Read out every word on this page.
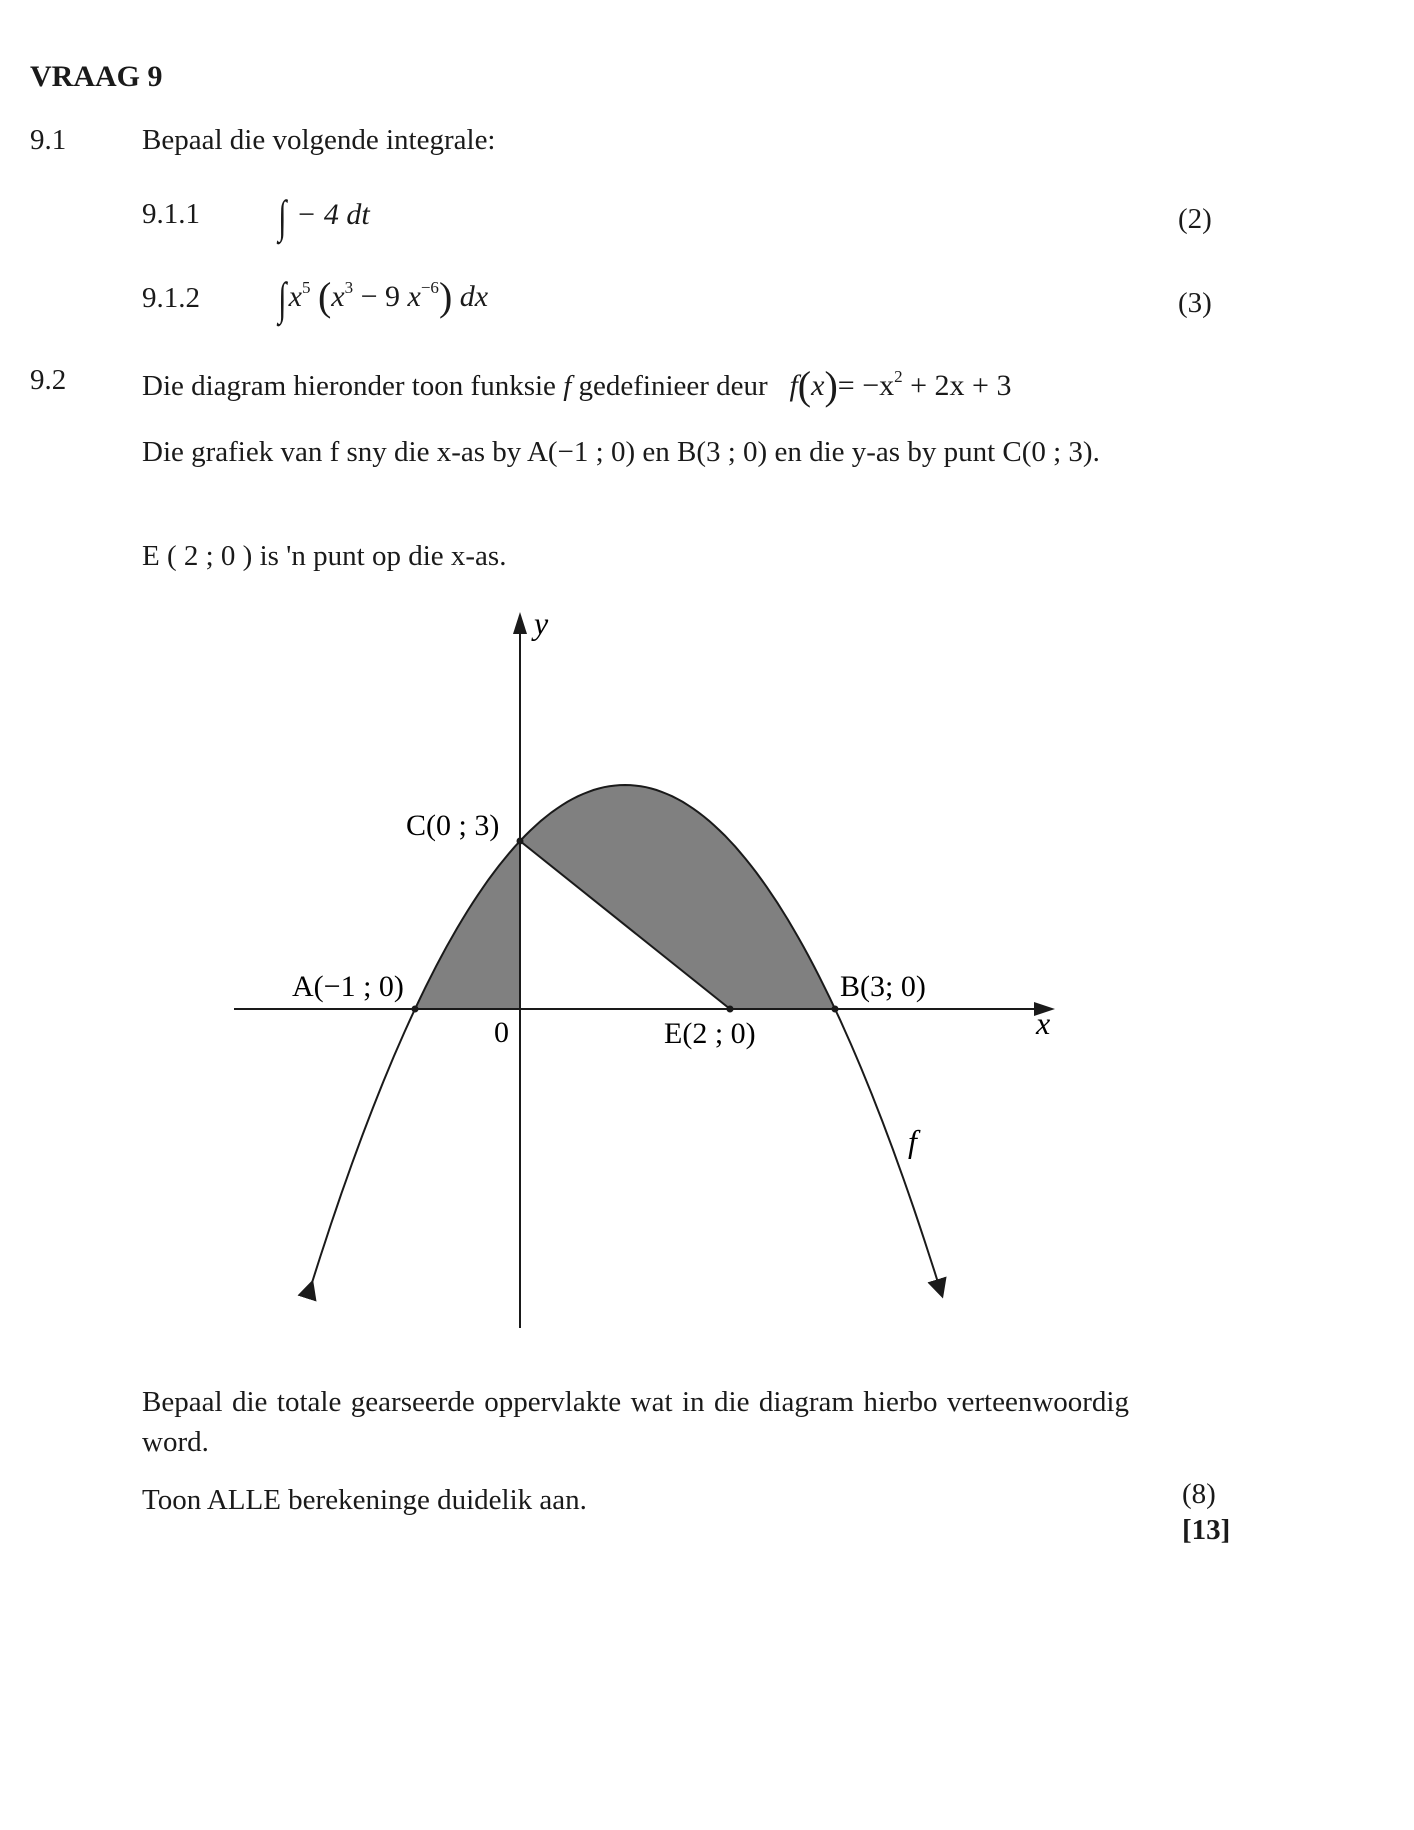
VRAAG 9
9.1	Bepaal die volgende integrale:
9.1.1 ∫ − 4 dt	(2)
9.1.2 $\int x^5$ ($x^3 - 9$ $x^{-6}$) dx	(3)
9.2	Die diagram hieronder toon funksie f gedefinieer deur $f(x)= -x^2 + 2x + 3$
Die grafiek van f sny die x-as by A(−1 ; 0) en B(3 ; 0) en die y-as by punt C(0 ; 3).
E ( 2 ; 0 ) is 'n punt op die x-as.
y
x
0
A(−1 ; 0)	B(3; 0)
C(0 ; 3)
E(2 ; 0)
f
Bepaal die totale gearseerde oppervlakte wat in die diagram hierbo verteenwoordig word.
Toon ALLE berekeninge duidelik aan.	(8)
[13]
